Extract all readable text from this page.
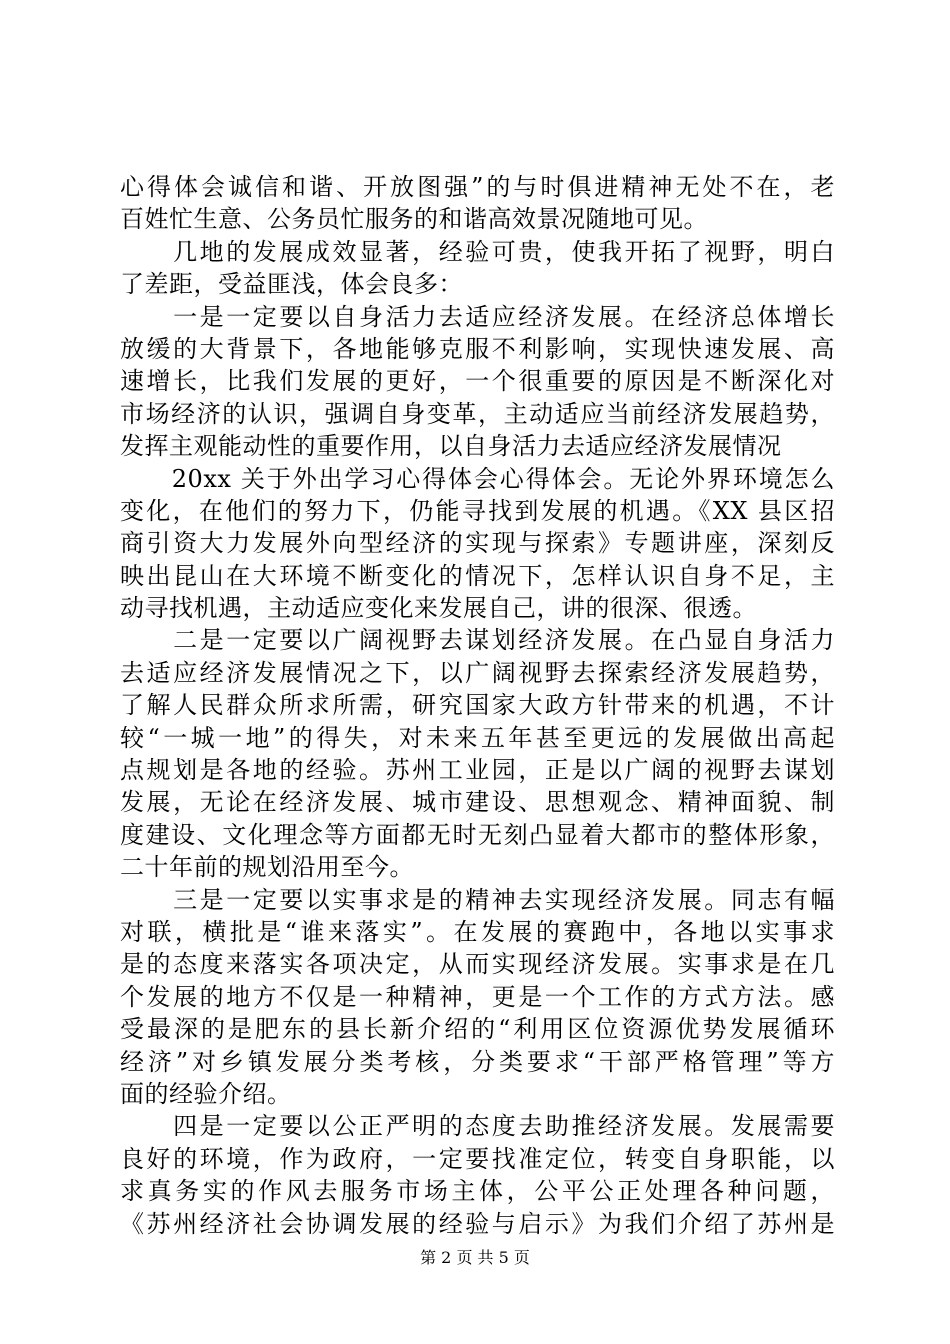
心得体会诚信和谐、开放图强”的与时俱进精神无处不在，老
百姓忙生意、公务员忙服务的和谐高效景况随地可见。
　　几地的发展成效显著，经验可贵，使我开拓了视野，明白
了差距，受益匪浅，体会良多：
　　一是一定要以自身活力去适应经济发展。在经济总体增长
放缓的大背景下，各地能够克服不利影响，实现快速发展、高
速增长，比我们发展的更好，一个很重要的原因是不断深化对
市场经济的认识，强调自身变革，主动适应当前经济发展趋势，
发挥主观能动性的重要作用，以自身活力去适应经济发展情况
　　20xx 关于外出学习心得体会心得体会。无论外界环境怎么
变化，在他们的努力下，仍能寻找到发展的机遇。《XX 县区招
商引资大力发展外向型经济的实现与探索》专题讲座，深刻反
映出昆山在大环境不断变化的情况下，怎样认识自身不足，主
动寻找机遇，主动适应变化来发展自己，讲的很深、很透。
　　二是一定要以广阔视野去谋划经济发展。在凸显自身活力
去适应经济发展情况之下，以广阔视野去探索经济发展趋势，
了解人民群众所求所需，研究国家大政方针带来的机遇，不计
较“一城一地”的得失，对未来五年甚至更远的发展做出高起
点规划是各地的经验。苏州工业园，正是以广阔的视野去谋划
发展，无论在经济发展、城市建设、思想观念、精神面貌、制
度建设、文化理念等方面都无时无刻凸显着大都市的整体形象，
二十年前的规划沿用至今。
　　三是一定要以实事求是的精神去实现经济发展。同志有幅
对联，横批是“谁来落实”。在发展的赛跑中，各地以实事求
是的态度来落实各项决定，从而实现经济发展。实事求是在几
个发展的地方不仅是一种精神，更是一个工作的方式方法。感
受最深的是肥东的县长新介绍的“利用区位资源优势发展循环
经济”对乡镇发展分类考核，分类要求“干部严格管理”等方
面的经验介绍。
　　四是一定要以公正严明的态度去助推经济发展。发展需要
良好的环境，作为政府，一定要找准定位，转变自身职能，以
求真务实的作风去服务市场主体，公平公正处理各种问题，
《苏州经济社会协调发展的经验与启示》为我们介绍了苏州是
第 2 页 共 5 页
